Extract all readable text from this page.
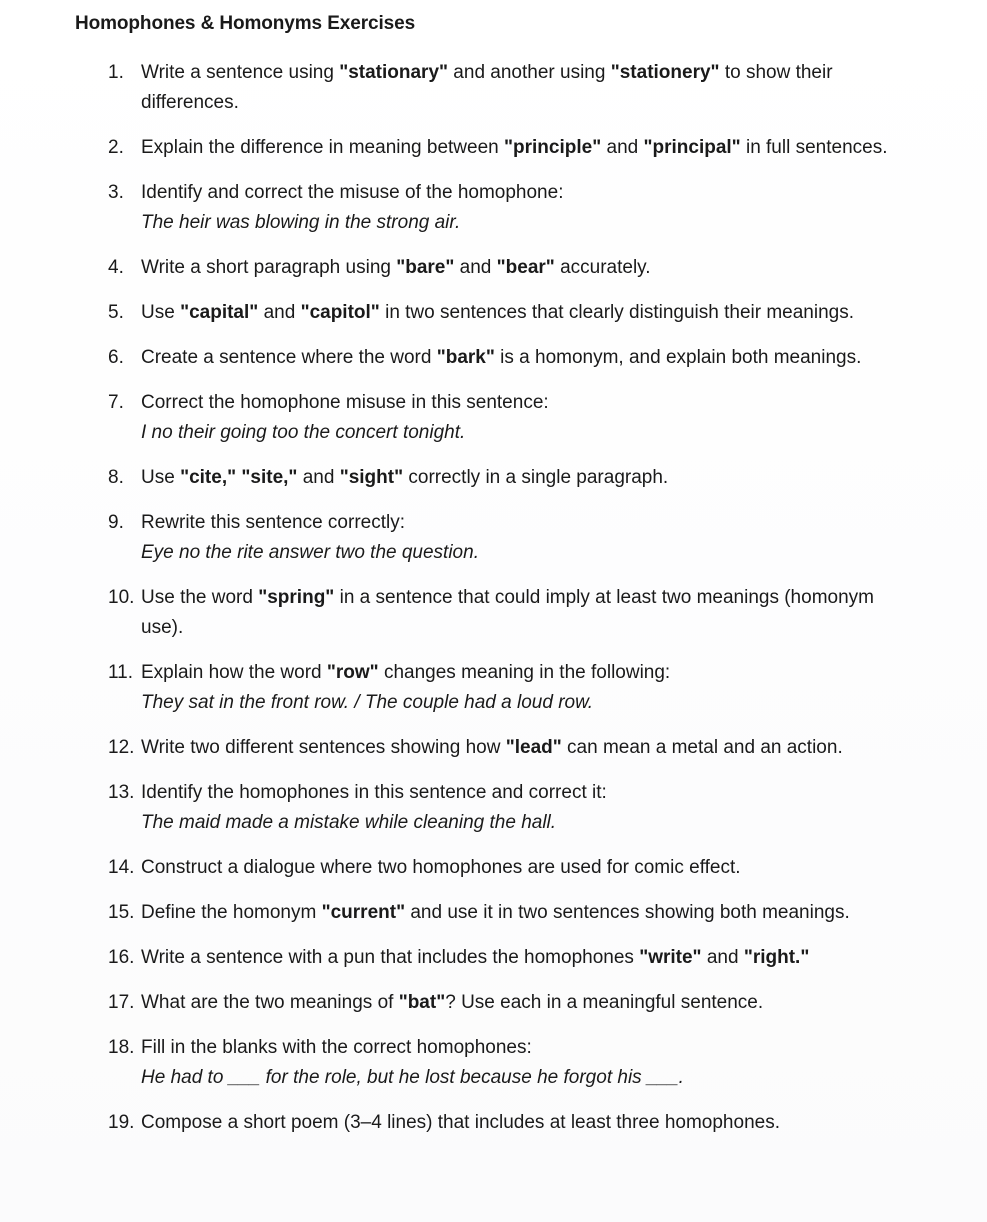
Homophones & Homonyms Exercises
1. Write a sentence using "stationary" and another using "stationery" to show their
differences.
2. Explain the difference in meaning between "principle" and "principal" in full sentences.
3. Identify and correct the misuse of the homophone:
The heir was blowing in the strong air.
4. Write a short paragraph using "bare" and "bear" accurately.
5. Use "capital" and "capitol" in two sentences that clearly distinguish their meanings.
6. Create a sentence where the word "bark" is a homonym, and explain both meanings.
7. Correct the homophone misuse in this sentence:
I no their going too the concert tonight.
8. Use "cite," "site," and "sight" correctly in a single paragraph.
9. Rewrite this sentence correctly:
Eye no the rite answer two the question.
10. Use the word "spring" in a sentence that could imply at least two meanings (homonym
use).
11. Explain how the word "row" changes meaning in the following:
They sat in the front row. / The couple had a loud row.
12. Write two different sentences showing how "lead" can mean a metal and an action.
13. Identify the homophones in this sentence and correct it:
The maid made a mistake while cleaning the hall.
14. Construct a dialogue where two homophones are used for comic effect.
15. Define the homonym "current" and use it in two sentences showing both meanings.
16. Write a sentence with a pun that includes the homophones "write" and "right."
17. What are the two meanings of "bat"? Use each in a meaningful sentence.
18. Fill in the blanks with the correct homophones:
He had to ___ for the role, but he lost because he forgot his ___.
19. Compose a short poem (3–4 lines) that includes at least three homophones.
